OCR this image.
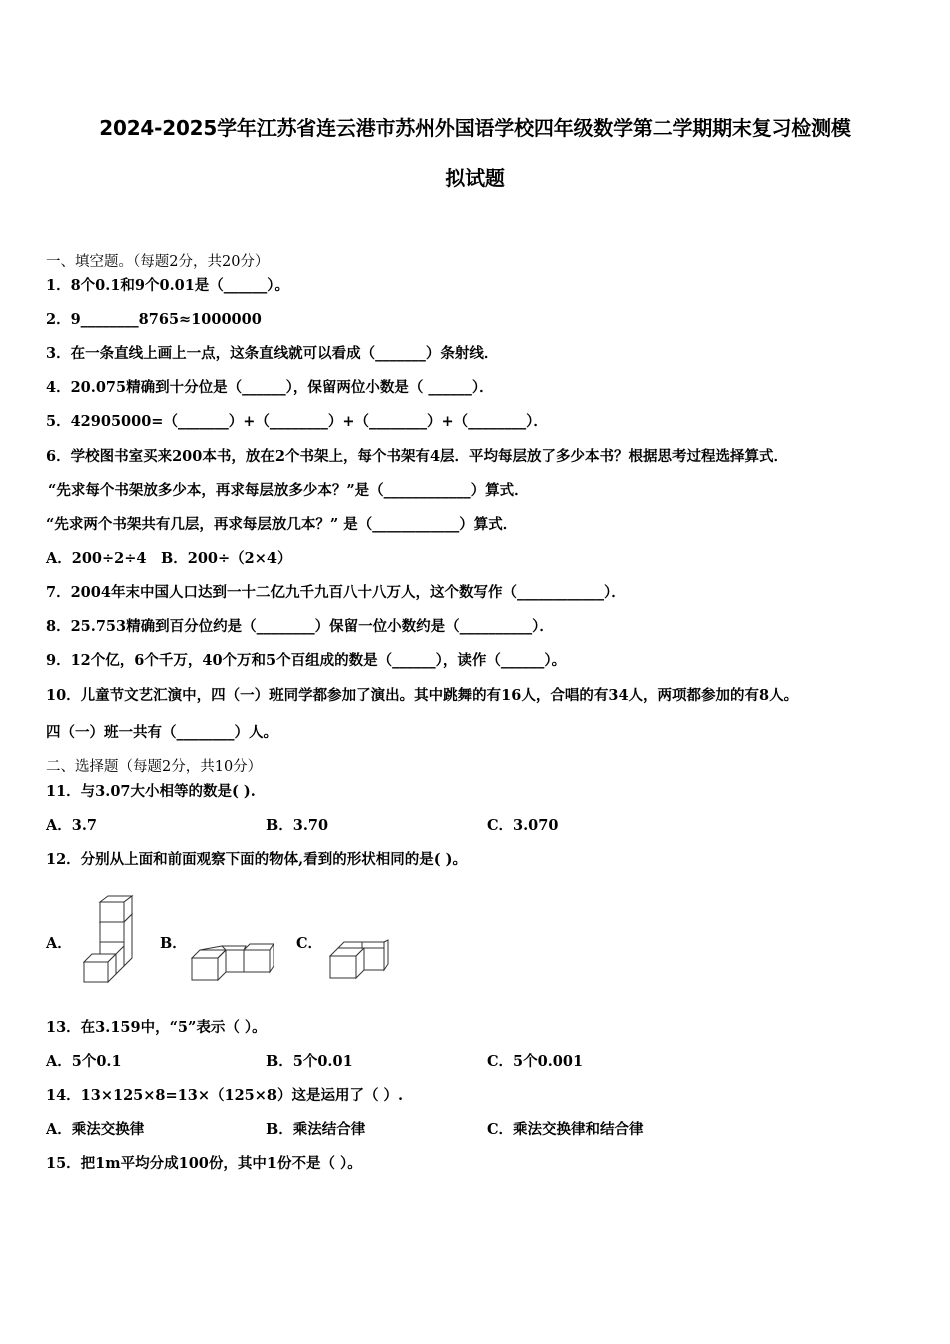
2024-2025学年江苏省连云港市苏州外国语学校四年级数学第二学期期末复习检测模
拟试题
一、填空题。（每题2分，共20分）
1．8个0.1和9个0.01是（______）。
2．9________8765≈1000000
3．在一条直线上画上一点，这条直线就可以看成（_______）条射线．
4．20.075精确到十分位是（______），保留两位小数是（ ______）．
5．42905000=（_______）+（________）+（________）+（________）．
6．学校图书室买来200本书，放在2个书架上，每个书架有4层．平均每层放了多少本书？根据思考过程选择算式．
“先求每个书架放多少本，再求每层放多少本？”是（____________）算式．
“先求两个书架共有几层，再求每层放几本？” 是（____________）算式．
A．200÷2÷4　B．200÷（2×4）
7．2004年末中国人口达到一十二亿九千九百八十八万人，这个数写作（____________）．
8．25.753精确到百分位约是（________）保留一位小数约是（__________）．
9．12个亿，6个千万，40个万和5个百组成的数是（______），读作（______）。
10．儿童节文艺汇演中，四（一）班同学都参加了演出。其中跳舞的有16人，合唱的有34人，两项都参加的有8人。
四（一）班一共有（________）人。
二、选择题（每题2分，共10分）
11．与3.07大小相等的数是( ).
A．3.7	B．3.70	C．3.070
12．分别从上面和前面观察下面的物体,看到的形状相同的是( )。
A．	B．	C．
13．在3.159中，“5”表示（ ）。
A．5个0.1	B．5个0.01	C．5个0.001
14．13×125×8=13×（125×8）这是运用了（ ）.
A．乘法交换律	B．乘法结合律	C．乘法交换律和结合律
15．把1m平均分成100份，其中1份不是（ ）。
